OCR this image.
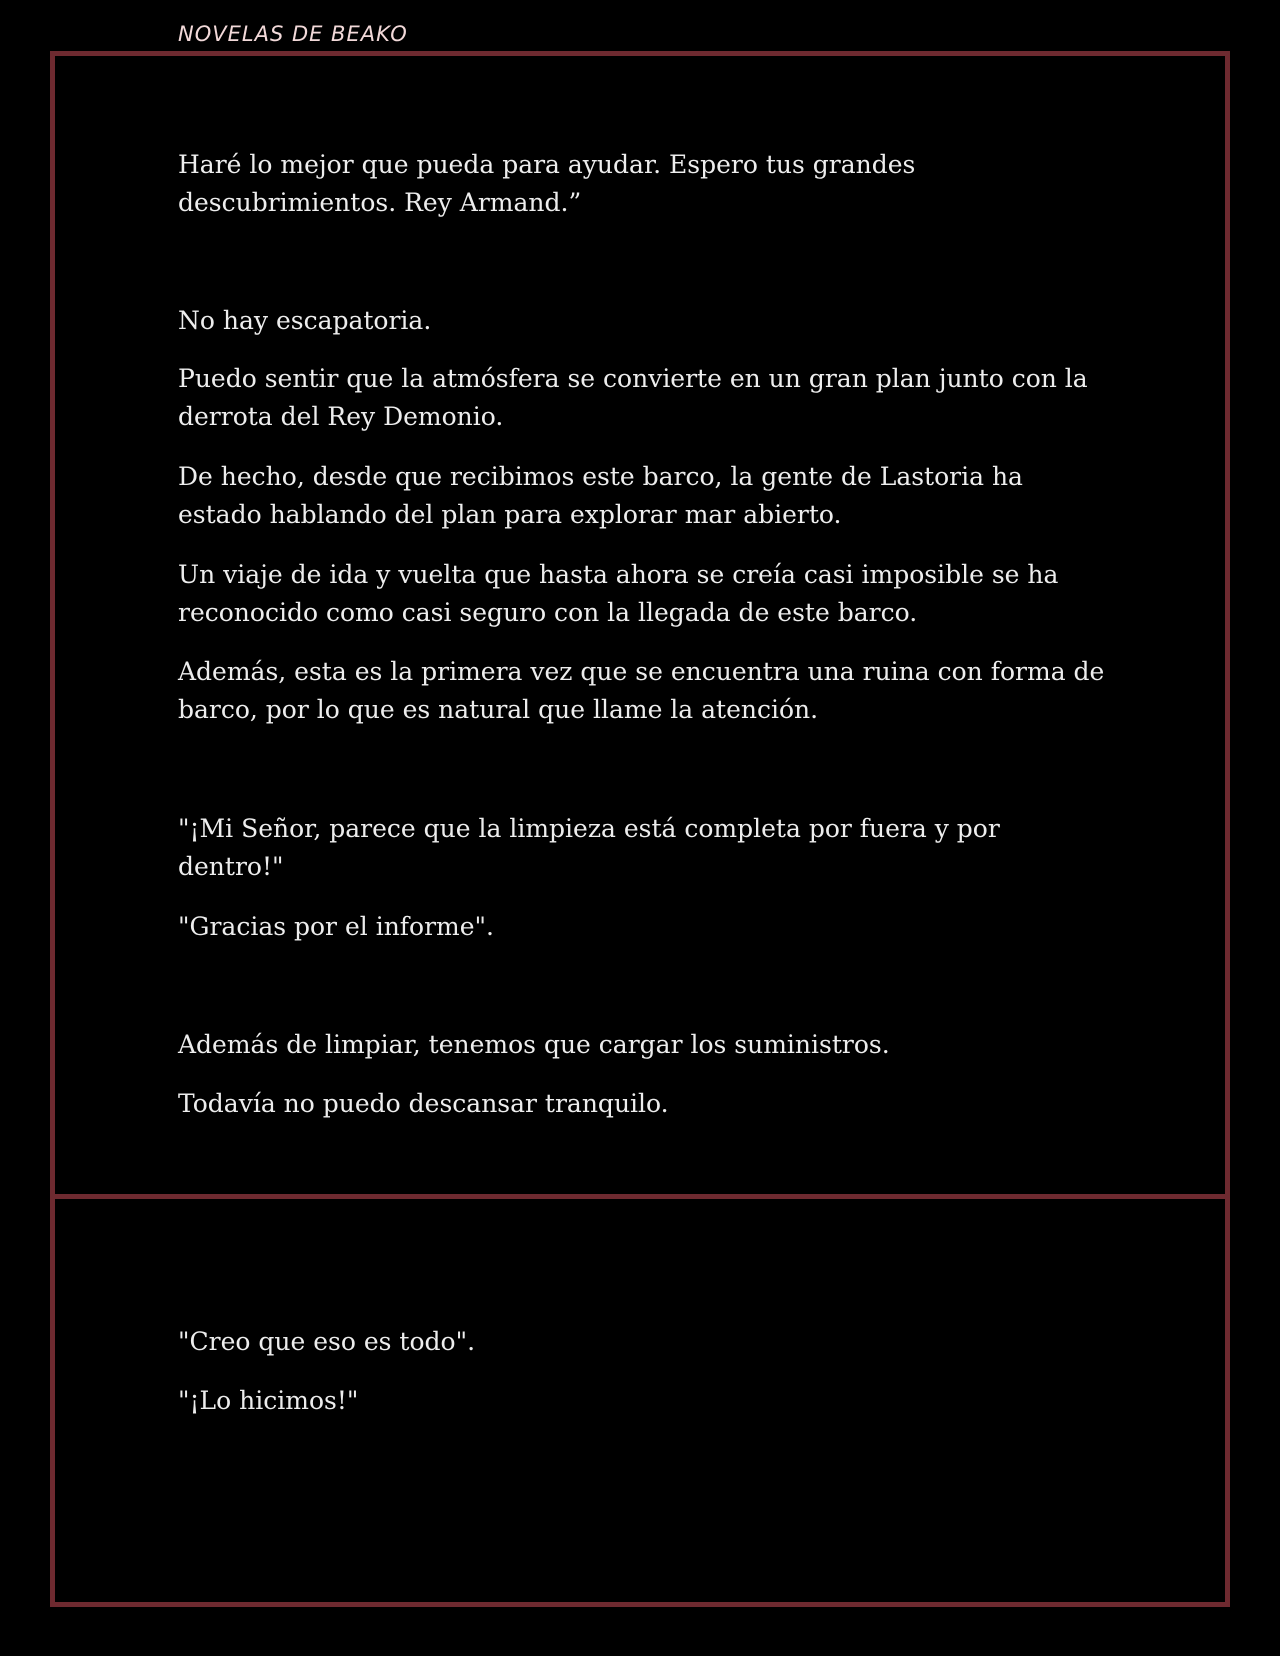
NOVELAS DE BEAKO

Haré lo mejor que pueda para ayudar. Espero tus grandes descubrimientos. Rey Armand.”

No hay escapatoria.

Puedo sentir que la atmósfera se convierte en un gran plan junto con la derrota del Rey Demonio.

De hecho, desde que recibimos este barco, la gente de Lastoria ha estado hablando del plan para explorar mar abierto.

Un viaje de ida y vuelta que hasta ahora se creía casi imposible se ha reconocido como casi seguro con la llegada de este barco.

Además, esta es la primera vez que se encuentra una ruina con forma de barco, por lo que es natural que llame la atención.

"¡Mi Señor, parece que la limpieza está completa por fuera y por dentro!"

"Gracias por el informe".

Además de limpiar, tenemos que cargar los suministros.

Todavía no puedo descansar tranquilo.

"Creo que eso es todo".

"¡Lo hicimos!"
